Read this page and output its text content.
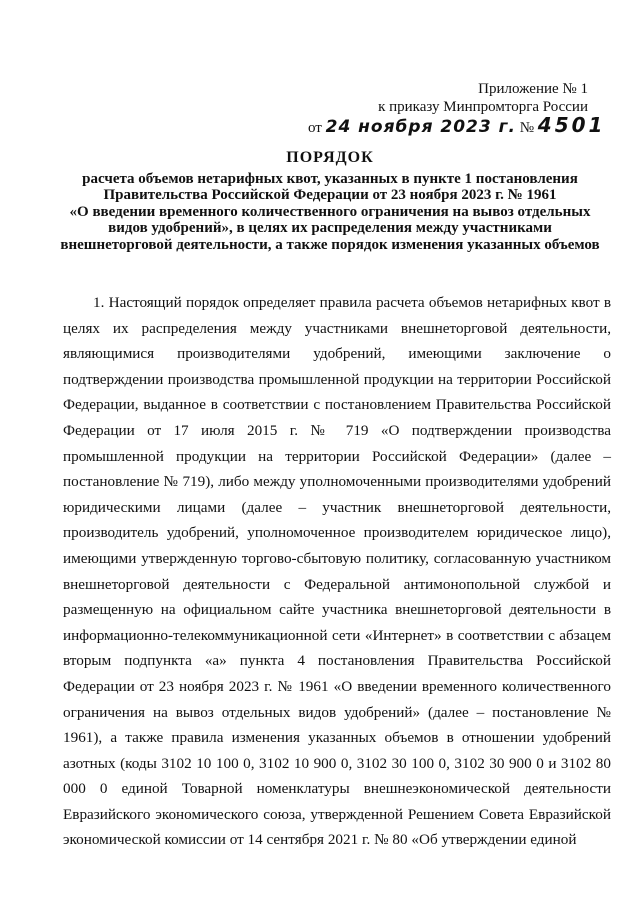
Приложение № 1
к приказу Минпромторга России
от 24 ноября 2023 г. № 4501
ПОРЯДОК
расчета объемов нетарифных квот, указанных в пункте 1 постановления
Правительства Российской Федерации от 23 ноября 2023 г. № 1961
«О введении временного количественного ограничения на вывоз отдельных
видов удобрений», в целях их распределения между участниками
внешнеторговой деятельности, а также порядок изменения указанных объемов

1. Настоящий порядок определяет правила расчета объемов нетарифных квот в целях их распределения между участниками внешнеторговой деятельности, являющимися производителями удобрений, имеющими заключение о подтверждении производства промышленной продукции на территории Российской Федерации, выданное в соответствии с постановлением Правительства Российской Федерации от 17 июля 2015 г. № 719 «О подтверждении производства промышленной продукции на территории Российской Федерации» (далее – постановление № 719), либо между уполномоченными производителями удобрений юридическими лицами (далее – участник внешнеторговой деятельности, производитель удобрений, уполномоченное производителем юридическое лицо), имеющими утвержденную торгово-сбытовую политику, согласованную участником внешнеторговой деятельности с Федеральной антимонопольной службой и размещенную на официальном сайте участника внешнеторговой деятельности в информационно-телекоммуникационной сети «Интернет» в соответствии с абзацем вторым подпункта «а» пункта 4 постановления Правительства Российской Федерации от 23 ноября 2023 г. № 1961 «О введении временного количественного ограничения на вывоз отдельных видов удобрений» (далее – постановление № 1961), а также правила изменения указанных объемов в отношении удобрений азотных (коды 3102 10 100 0, 3102 10 900 0, 3102 30 100 0, 3102 30 900 0 и 3102 80 000 0 единой Товарной номенклатуры внешнеэкономической деятельности Евразийского экономического союза, утвержденной Решением Совета Евразийской экономической комиссии от 14 сентября 2021 г. № 80 «Об утверждении единой
